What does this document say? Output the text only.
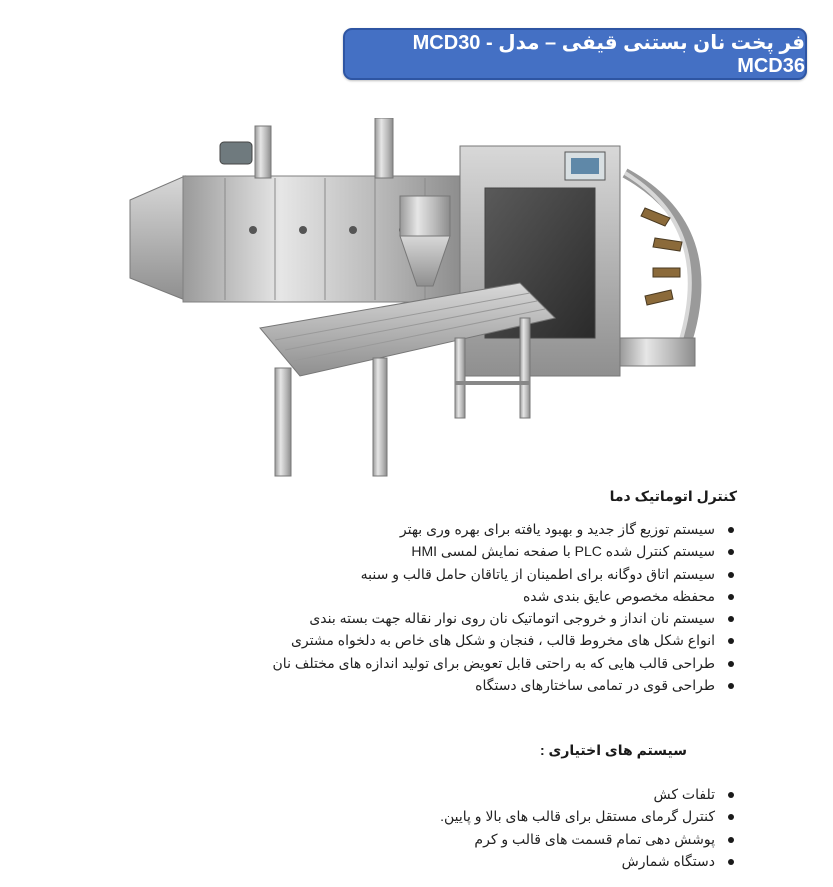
فر پخت نان بستنی قیفی – مدل MCD30 - MCD36
کنترل اتوماتیک دما
سیستم توزیع گاز جدید و بهبود یافته برای بهره وری بهتر
سیستم کنترل شده PLC با صفحه نمایش لمسی HMI
سیستم اتاق دوگانه برای اطمینان از یاتاقان حامل قالب و سنبه
محفظه مخصوص عایق بندی شده
سیستم نان انداز و خروجی اتوماتیک نان روی نوار نقاله جهت بسته بندی
انواع شکل های مخروط قالب ، فنجان و شکل های خاص به دلخواه مشتری
طراحی قالب هایی که به راحتی قابل تعویض برای تولید اندازه های مختلف نان
طراحی قوی در تمامی ساختارهای دستگاه
سیستم های اختیاری :
تلفات کش
کنترل گرمای مستقل برای قالب های بالا و پایین.
پوشش دهی تمام قسمت های قالب و کرم
دستگاه شمارش
